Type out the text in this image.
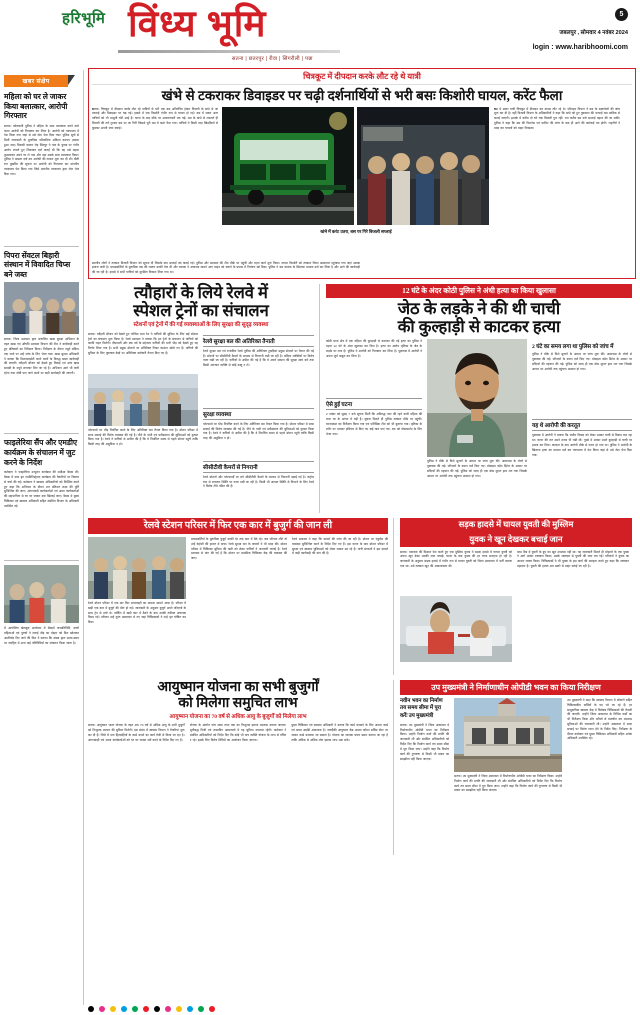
हरिभूमि विंध्य भूमि
सतना | छतरपुर | रीवा | सिंगरौली | पन्ना
5
जबलपुर , सोमवार 4 नवंबर 2024
login : www.haribhoomi.com
खबर संक्षेप
महिला को घर ले जाकर किया बलात्कार, आरोपी गिरफ्तार
सतना। कोतवाली पुलिस ने महिला के साथ बलात्कार करने वाले फरार आरोपी को गिरफ्तार कर लिया है। आरोपी को न्यायालय में पेश किया गया जहां से उसे जेल भेज दिया गया। पुलिस सूत्रों से मिली जानकारी के मुताबिक परिवादिया अंकिता कश्यप (बदला हुआ नाम) निवासी बाजार रोड़ सिंगपुर ने गांव के युवक पर गंभीर आरोप लगाते हुए शिकायत दर्ज कराई थी कि वह उसे बहला फुसलाकर अपने घर ले गया और वहां उसके साथ बलात्कार किया। पुलिस ने मामला दर्ज कर आरोपी की तलाश शुरू कर दी थी। बीती रात मुखबिर की सूचना पर आरोपी को गिरफ्तार कर माननीय न्यायालय पेश किया गया जिसे माननीय न्यायालय द्वारा जेल भेज दिया गया।
पिपरा सेंवटल बिहारी संस्थान में विवादित चिप्स बने जब्त
सतना। जिला प्रशासन द्वारा संचालित खाद्य सुरक्षा अभियान के तहत खाद्य एवं औषधि प्रशासन विभाग की टीम ने कार्यवाही करते हुए प्रतिष्ठानों का निरीक्षण किया। निरीक्षण के दौरान नमूने संदिग्ध पाए जाने पर उन्हें जांच के लिए भेजा गया। खाद्य सुरक्षा अधिकारी ने बताया कि मिलावटखोरी करने वालों के विरुद्ध सख्त कार्यवाही की जाएगी। त्यौहारी सीजन को देखते हुए मिठाई एवं अन्य खाद्य सामग्री के नमूने लगातार लिए जा रहे हैं। अभियान आगे भी जारी रहेगा तथा दोषी पाए जाने वालों पर कड़ी कार्यवाही की जाएगी।
फाइलेरिया सैंप और एमडीए कार्यक्रम के संचालन में जुट करने के निर्देश
कलेक्टर ने फाइलेरिया उन्मूलन कार्यक्रम की समीक्षा बैठक ली। बैठक में मास ड्रग एडमिनिस्ट्रेशन कार्यक्रम की तैयारियों पर विस्तार से चर्चा की गई। कलेक्टर ने स्वास्थ्य अधिकारियों को निर्देशित करते हुए कहा कि अभियान के दौरान शत प्रतिशत लक्ष्य की पूर्ति सुनिश्चित की जाए। आंगनबाड़ी कार्यकर्ताओं एवं आशा कार्यकर्ताओं की सहभागिता से घर घर जाकर दवा खिलाई जाए। बैठक में मुख्य चिकित्सा एवं स्वास्थ्य अधिकारी सहित संबंधित विभाग के अधिकारी उपस्थित रहे।
में आयोजित खेलकूद आयोजन में सैकड़ों जनप्रतिनिधि, बच्चों महिलाओं एवं पुरुषों ने लगाई दौड़ का मोहरा को दिल खोलकर आशीर्वाद दिए जाने की विश ने बताया कि संस्था द्वारा समय-समय पर जनहित में अन्य कई गतिविधियों का संचालन किया जाता है।
चित्रकूट में दीपदान करके लौट रहे थे यात्री
खंभे से टकराकर डिवाइडर पर चढ़ी दर्शनार्थियों से भरी बसः किशोरी घायल, करेंट फैला
सतना। चित्रकूट में दीपदान करके लौट रहे यात्रियों से भरी एक बस अनियंत्रित होकर बिजली के खंभे से जा टकराई और डिवाइडर पर चढ़ गई। हादसे में एक किशोरी गंभीर रूप से घायल हो गई। बस में सवार अन्य यात्रियों को भी मामूली चोटें आई हैं। घटना के बाद मौके पर अफरातफरी मच गई। बस के खंभे से टकराते ही बिजली की तारें टूटकर बस पर जा गिरीं जिससे पूरी बस में करंट फैल गया। यात्रियों ने किसी तरह खिड़कियों से कूदकर अपनी जान बचाई।
खंभे में करंट उतरा, बस पर गिरे बिजली सप्लाई
बस में सवार यात्री चित्रकूट में दीपदान कर वापस लौट रहे थे। परिवहन विभाग ने बस के दस्तावेजों की जांच शुरू कर दी है। वहीं बिजली विभाग के अधिकारियों ने कहा कि खंभे को हुए नुकसान की भरपाई बस मालिक से कराई जाएगी। इलाके में करीब दो घंटे तक बिजली गुल रही। रात करीब दस बजे सप्लाई बहाल की जा सकी। पुलिस ने कहा कि बस की फिटनेस एवं परमिट की जांच के बाद ही आगे की कार्रवाई तय होगी। राहगीरों ने मदद कर घायलों को बाहर निकाला।
स्थानीय लोगों ने तत्काल बिजली विभाग को सूचना दी जिसके बाद सप्लाई बंद कराई गई। पुलिस और प्रशासन की टीम मौके पर पहुंची और राहत कार्य शुरू किया। घायल किशोरी को तत्काल जिला अस्पताल पहुंचाया गया जहां उसका इलाज जारी है। प्रत्यक्षदर्शियों के मुताबिक बस की रफ्तार काफी तेज थी और चालक ने अचानक सामने आए वाहन को बचाने के प्रयास में नियंत्रण खो दिया। पुलिस ने बस चालक के खिलाफ मामला दर्ज कर लिया है और आगे की कार्यवाही की जा रही है। हादसे में सभी यात्रियों को सुरक्षित निकाल लिया गया था।
त्यौहारों के लिये रेलवे में
स्पेशल ट्रेनों का संचालन
स्टेशनों एवं ट्रेनों में की गई व्यवस्थाओं के लिए सुरक्षा की सुदृढ़ व्यवस्था
सतना। त्यौहारी सीजन को देखते हुए पश्चिम मध्य रेल ने यात्रियों की सुविधा के लिए कई स्पेशल ट्रेनों का संचालन शुरू किया है। रेलवे प्रशासन ने बताया कि इन ट्रेनों के संचालन से यात्रियों को काफी राहत मिलेगी। दीपावली और छठ पर्व के मद्देनजर यात्रियों की भारी भीड़ को देखते हुए यह निर्णय लिया गया है। सभी प्रमुख स्टेशनों पर अतिरिक्त टिकट काउंटर खोले गए हैं। यात्रियों की सुविधा के लिए पूछताछ केंद्रों पर अतिरिक्त कर्मचारी तैनात किए गए हैं।
प्लेटफार्म पर भीड़ नियंत्रित करने के लिए अतिरिक्त बल तैनात किया गया है। स्टेशन परिसर में साफ सफाई की विशेष व्यवस्था की गई है। पीने के पानी एवं प्रतीक्षालय की सुविधाओं को दुरुस्त किया गया है। रेलवे ने यात्रियों से अपील की है कि वे निर्धारित समय से पहले स्टेशन पहुंचें ताकि किसी तरह की असुविधा न हो।
रेलवे सुरक्षा बल की अतिरिक्त तैनाती
रेलवे सुरक्षा बल एवं राजकीय रेलवे पुलिस की अतिरिक्त टुकड़ियां प्रमुख स्टेशनों पर तैनात की गई हैं। स्टेशनों पर सीसीटीवी कैमरों के माध्यम से निगरानी रखी जा रही है। संदिग्ध व्यक्तियों पर विशेष नजर रखी जा रही है। यात्रियों से अपील की गई है कि वे अपने सामान की सुरक्षा स्वयं करें तथा किसी अनजान व्यक्ति से कोई वस्तु न लें।
सुरक्षा व्यवस्था
प्लेटफार्म पर भीड़ नियंत्रित करने के लिए अतिरिक्त बल तैनात किया गया है। स्टेशन परिसर में साफ सफाई की विशेष व्यवस्था की गई है। पीने के पानी एवं प्रतीक्षालय की सुविधाओं को दुरुस्त किया गया है। रेलवे ने यात्रियों से अपील की है कि वे निर्धारित समय से पहले स्टेशन पहुंचें ताकि किसी तरह की असुविधा न हो।
सीसीटीवी कैमरों से निगरानी
रेलवे स्टेशनों और प्लेटफार्मों पर लगे सीसीटीवी कैमरों के माध्यम से निगरानी बढ़ाई गई है। कंट्रोल रूम से लगातार स्थिति पर नजर रखी जा रही है। किसी भी आपात स्थिति से निपटने के लिए रेलवे ने विशेष टीमें गठित की हैं।
12 घंटे के अंदर कोठी पुलिस ने अंधी हत्या का किया खुलासा
जेठ के लड़के ने की थी चाची
की कुल्हाड़ी से काटकर हत्या
कोठी थाना क्षेत्र में एक महिला की कुल्हाड़ी से काटकर की गई हत्या का पुलिस ने महज 12 घंटे के अंदर खुलासा कर दिया है। हत्या का आरोप मृतिका के जेठ के लड़के पर लगा है। पुलिस ने आरोपी को गिरफ्तार कर लिया है। पूछताछ में आरोपी ने अपना जुर्म कबूल कर लिया है।
ऐसे हुई घटना
2 नवंबर को सुबह 7 बजे सूचना मिली कि अनिरुद्ध नगर की रहने वाली महिला की लाश घर के आंगन में पड़ी है। सूचना मिलते ही पुलिस तत्काल मौके पर पहुंची। घटनास्थल का निरीक्षण किया गया एवं फॉरेंसिक टीम को भी बुलाया गया। मृतिका के शरीर पर धारदार हथियार से किए गए कई घाव पाए गए। शव को पोस्टमार्टम के लिए भेजा गया।
पुलिस ने मौके से मिले सुरागों के आधार पर जांच शुरू की। आसपास के लोगों से पूछताछ की गई। परिजनों के बयान दर्ज किए गए। मोबाइल कॉल डिटेल के आधार पर संदिग्धों की पहचान की गई। पुलिस को जल्द ही एक ठोस सुराग हाथ लग गया जिसके आधार पर आरोपी तक पहुंचना आसान हो गया।
2 घंटे का समय लगा था पुलिस को जांच में
पुलिस ने मौके से मिले सुरागों के आधार पर जांच शुरू की। आसपास के लोगों से पूछताछ की गई। परिजनों के बयान दर्ज किए गए। मोबाइल कॉल डिटेल के आधार पर संदिग्धों की पहचान की गई। पुलिस को जल्द ही एक ठोस सुराग हाथ लग गया जिसके आधार पर आरोपी तक पहुंचना आसान हो गया।
यह थे आरोपी की करतूत
पूछताछ में आरोपी ने बताया कि जमीन विवाद को लेकर उसका चाची से विवाद चल रहा था। घटना की रात उसने शराब पी रखी थी। गुस्से में आकर उसने कुल्हाड़ी से चाची पर हमला कर दिया। वारदात के बाद आरोपी मौके से फरार हो गया था। पुलिस ने आरोपी के खिलाफ हत्या का मामला दर्ज कर न्यायालय में पेश किया जहां से उसे जेल भेज दिया गया।
रेलवे स्टेशन परिसर में फिर एक कार में बुजुर्ग की जान ली
रेलवे स्टेशन परिसर में एक बार फिर लापरवाही का मामला सामने आया है। परिसर में खड़ी एक कार में बुजुर्ग की मौत हो गई। जानकारी के अनुसार बुजुर्ग अपने परिजनों के साथ ट्रेन से उतरे थे। पार्किंग में खड़ी कार में बैठने के बाद उनकी तबीयत अचानक बिगड़ गई। परिजन उन्हें तुरंत अस्पताल ले गए जहां चिकित्सकों ने उन्हें मृत घोषित कर दिया।
प्रत्यक्षदर्शियों के मुताबिक बुजुर्ग काफी देर तक कार में बैठे रहे। जब परिजन लौटे तो उन्हें बेहोशी की हालत में पाया। रेलवे सुरक्षा बल के जवानों ने भी मदद की। स्टेशन परिसर में चिकित्सा सुविधा की कमी को लेकर यात्रियों ने नाराजगी जताई है। रेलवे प्रशासन से मांग की गई है कि स्टेशन पर प्राथमिक चिकित्सा केंद्र की व्यवस्था की जाए।
रेलवे प्रशासन ने कहा कि मामले की जांच की जा रही है। स्टेशन पर एंबुलेंस की व्यवस्था सुनिश्चित करने के निर्देश दिए गए हैं। इस घटना के बाद स्टेशन परिसर में सुरक्षा एवं स्वास्थ्य सुविधाओं को लेकर सवाल उठ रहे हैं। यात्री संगठनों ने इस मामले में कड़ी कार्यवाही की मांग की है।
सड़क हादसे में घायल युवती की मुस्लिम
युवक ने खून देखकर बचाई जान
सतना। मानवता की मिसाल पेश करते हुए एक मुस्लिम युवक ने सड़क हादसे में घायल युवती को अपना खून देकर उसकी जान बचाई। घटना के बाद युवक की हर तरफ सराहना हो रही है। जानकारी के अनुसार सड़क हादसे में गंभीर रूप से घायल युवती को जिला अस्पताल में भर्ती कराया गया था। उसे तत्काल खून की आवश्यकता थी।
ब्लड बैंक में युवती के ग्रुप का खून उपलब्ध नहीं था। यह जानकारी मिलते ही मोहल्ले के एक युवक ने आगे आकर रक्तदान किया। उसके रक्तदान से युवती की जान बच गई। परिजनों ने युवक का आभार व्यक्त किया। चिकित्सकों ने भी युवक के इस कार्य की सराहना करते हुए कहा कि रक्तदान महादान है। युवती की हालत अब खतरे से बाहर बताई जा रही है।
आयुष्मान योजना का सभी बुजुर्गों
को मिलेगा समुचित लाभ
आयुष्मान योजना का 70 वर्ष से अधिक आयु के बुजुर्गों को मिलेगा लाभ
सतना। आयुष्मान भारत योजना के तहत अब 70 वर्ष से अधिक आयु के सभी बुजुर्गों को निःशुल्क उपचार की सुविधा मिलेगी। इस संबंध में स्वास्थ्य विभाग ने तैयारियां शुरू कर दी हैं। जिले में पात्र हितग्राहियों के कार्ड बनाने का कार्य तेजी से किया जा रहा है। आंगनबाड़ी एवं आशा कार्यकर्ताओं को घर घर जाकर सर्वे करने के निर्देश दिए गए हैं।
योजना के अंतर्गत पांच लाख रुपए तक का निःशुल्क इलाज उपलब्ध कराया जाएगा। सूचीबद्ध निजी एवं शासकीय अस्पतालों में यह सुविधा उपलब्ध रहेगी। कलेक्टर ने संबंधित अधिकारियों को निर्देश दिए कि कोई भी पात्र व्यक्ति योजना के लाभ से वंचित न रहे। इसके लिए विशेष शिविरों का आयोजन किया जाएगा।
मुख्य चिकित्सा एवं स्वास्थ्य अधिकारी ने बताया कि कार्ड बनवाने के लिए आधार कार्ड एवं समग्र आईडी आवश्यक है। नजदीकी आयुष्मान केंद्र अथवा कॉमन सर्विस सेंटर पर जाकर कार्ड बनवाया जा सकता है। योजना का व्यापक प्रचार प्रसार कराया जा रहा है ताकि अधिक से अधिक लोग इसका लाभ उठा सकें।
उप मुख्यमंत्री ने निर्माणाधीन ओपीडी भवन का किया निरीक्षण
नवीन भवन का निर्माण तय समय सीमा में पूरा करेंः उप मुख्यमंत्री
सतना। उप मुख्यमंत्री ने जिला अस्पताल में निर्माणाधीन ओपीडी भवन का निरीक्षण किया। उन्होंने निर्माण कार्य की प्रगति की जानकारी ली और संबंधित अधिकारियों को निर्देश दिए कि निर्माण कार्य तय समय सीमा में पूरा किया जाए। उन्होंने कहा कि निर्माण कार्य की गुणवत्ता से किसी भी प्रकार का समझौता नहीं किया जाएगा।
सतना। उप मुख्यमंत्री ने जिला अस्पताल में निर्माणाधीन ओपीडी भवन का निरीक्षण किया। उन्होंने निर्माण कार्य की प्रगति की जानकारी ली और संबंधित अधिकारियों को निर्देश दिए कि निर्माण कार्य तय समय सीमा में पूरा किया जाए। उन्होंने कहा कि निर्माण कार्य की गुणवत्ता से किसी भी प्रकार का समझौता नहीं किया जाएगा।
उप मुख्यमंत्री ने कहा कि स्वास्थ्य विभाग में डॉक्टरों सहित चिकित्सकीय कर्मियों के पद भरे जा रहे हैं। हर सामुदायिक स्वास्थ्य केंद्र में विशेषज्ञ चिकित्सकों की तैनाती की जाएगी। उन्होंने जिला अस्पताल के विभिन्न वार्डों का भी निरीक्षण किया और मरीजों से बातचीत कर उपलब्ध सुविधाओं की जानकारी ली। उन्होंने अस्पताल में साफ सफाई पर विशेष ध्यान देने के निर्देश दिए। निरीक्षण के दौरान कलेक्टर एवं मुख्य चिकित्सा अधिकारी सहित अनेक अधिकारी उपस्थित रहे।
